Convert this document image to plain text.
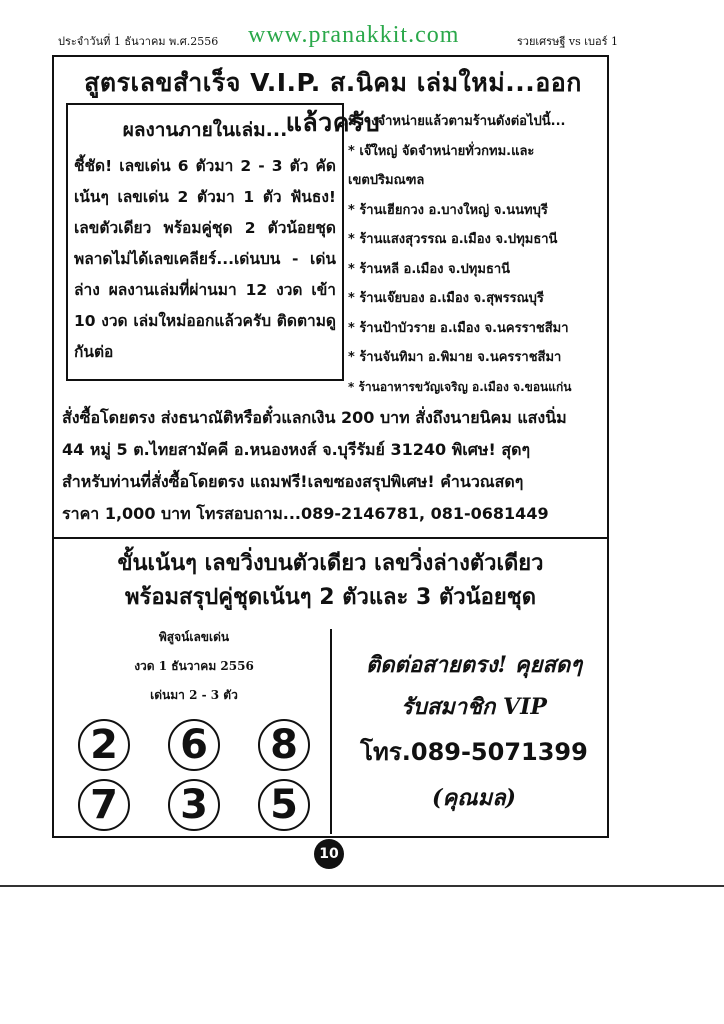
ประจำวันที่ 1 ธันวาคม พ.ศ.2556 www.pranakkit.com	รวยเศรษฐี vs เบอร์ 1
สูตรเลขสำเร็จ V.I.P. ส.นิคม เล่มใหม่...ออกแล้วครับ
ผลงานภายในเล่ม...
ชี้ชัด! เลขเด่น 6 ตัวมา 2 - 3 ตัว คัดเน้นๆ เลขเด่น 2 ตัวมา 1 ตัว ฟันธง! เลขตัวเดียว พร้อมคู่ชุด 2 ตัวน้อยชุด พลาดไม่ได้เลขเคลียร์...เด่นบน - เด่นล่าง ผลงานเล่มที่ผ่านมา 12 งวด เข้า 10 งวด เล่มใหม่ออกแล้วครับ ติดตามดูกันต่อ
มีวางจำหน่ายแล้วตามร้านดังต่อไปนี้...
* เจ๊ใหญ่ จัดจำหน่ายทั่วกทม.และ
เขตปริมณฑล
* ร้านเฮียกวง อ.บางใหญ่ จ.นนทบุรี
* ร้านแสงสุวรรณ อ.เมือง จ.ปทุมธานี
* ร้านหลี อ.เมือง จ.ปทุมธานี
* ร้านเจ๊ยบอง อ.เมือง จ.สุพรรณบุรี
* ร้านป้าบัวราย อ.เมือง จ.นครราชสีมา
* ร้านจันทิมา อ.พิมาย จ.นครราชสีมา
* ร้านอาหารขวัญเจริญ อ.เมือง จ.ขอนแก่น
สั่งซื้อโดยตรง ส่งธนาณัติหรือตั๋วแลกเงิน 200 บาท สั่งถึงนายนิคม แสงนิ่ม
44 หมู่ 5 ต.ไทยสามัคคี อ.หนองหงส์ จ.บุรีรัมย์ 31240 พิเศษ! สุดๆ
สำหรับท่านที่สั่งซื้อโดยตรง แถมฟรี!เลขซองสรุปพิเศษ! คำนวณสดๆ
ราคา 1,000 บาท โทรสอบถาม...089-2146781, 081-0681449
ขั้นเน้นๆ เลขวิ่งบนตัวเดียว เลขวิ่งล่างตัวเดียว
พร้อมสรุปคู่ชุดเน้นๆ 2 ตัวและ 3 ตัวน้อยชุด
พิสูจน์เลขเด่น
งวด 1 ธันวาคม 2556
เด่นมา 2 - 3 ตัว
2	6	8
7	3	5
ติดต่อสายตรง! คุยสดๆ
รับสมาชิก VIP
โทร.089-5071399
(คุณมล)
10
